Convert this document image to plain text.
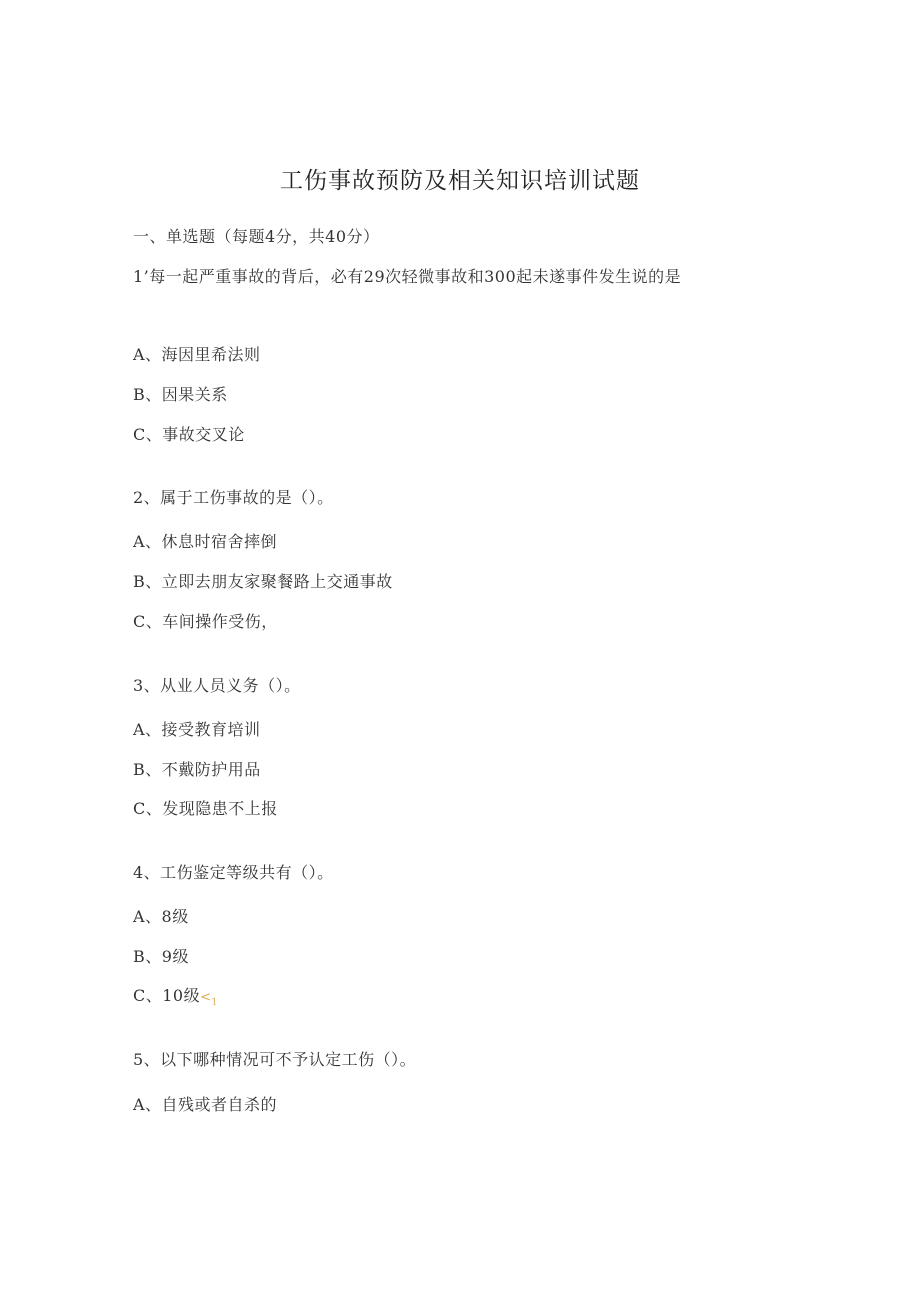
工伤事故预防及相关知识培训试题
一、单选题（每题4分，共40分）
1’每一起严重事故的背后，必有29次轻微事故和300起未遂事件发生说的是
A、海因里希法则
B、因果关系
C、事故交叉论
2、属于工伤事故的是（）。
A、休息时宿舍摔倒
B、立即去朋友家聚餐路上交通事故
C、车间操作受伤，
3、从业人员义务（）。
A、接受教育培训
B、不戴防护用品
C、发现隐患不上报
4、工伤鉴定等级共有（）。
A、8级
B、9级
C、10级$<_1$
5、以下哪种情况可不予认定工伤（）。
A、自残或者自杀的
